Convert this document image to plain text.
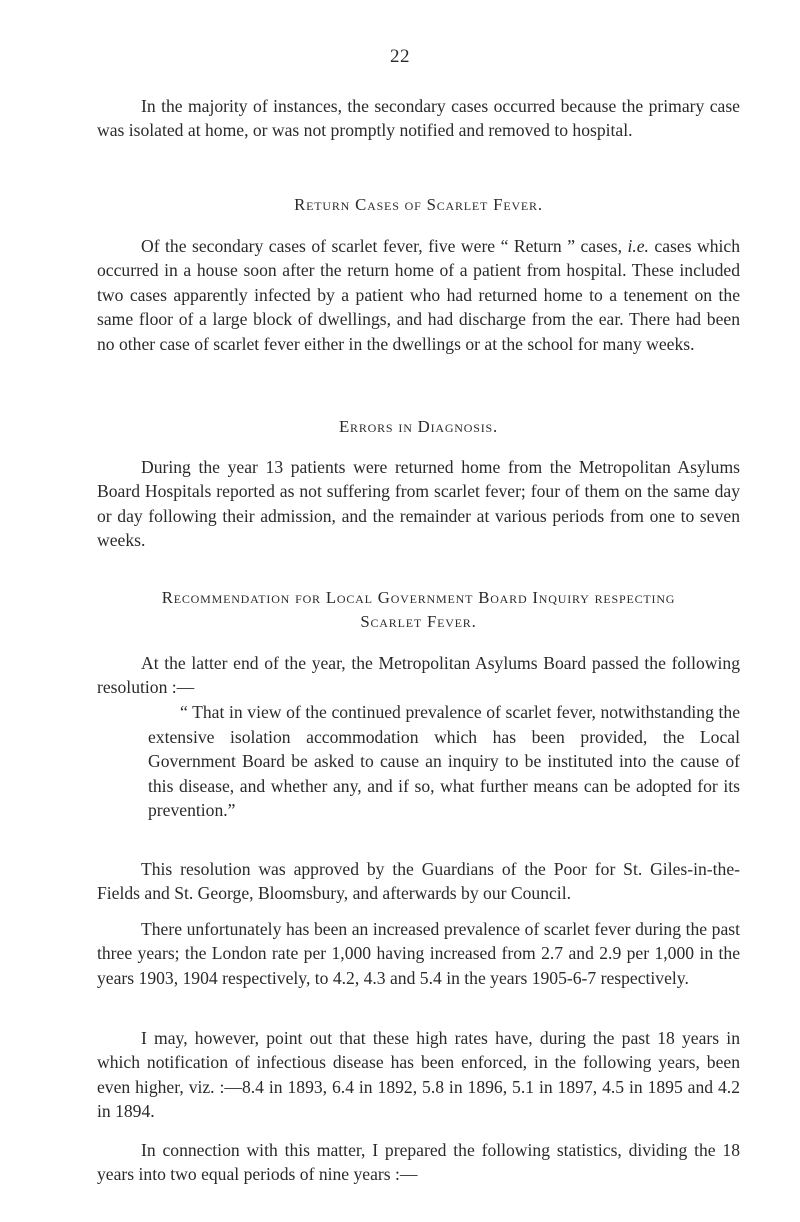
22

In the majority of instances, the secondary cases occurred because the primary case was isolated at home, or was not promptly notified and removed to hospital.

Return Cases of Scarlet Fever.

Of the secondary cases of scarlet fever, five were “ Return ” cases, i.e. cases which occurred in a house soon after the return home of a patient from hospital. These included two cases apparently infected by a patient who had returned home to a tenement on the same floor of a large block of dwellings, and had discharge from the ear. There had been no other case of scarlet fever either in the dwellings or at the school for many weeks.

Errors in Diagnosis.

During the year 13 patients were returned home from the Metropolitan Asylums Board Hospitals reported as not suffering from scarlet fever; four of them on the same day or day following their admission, and the remainder at various periods from one to seven weeks.

Recommendation for Local Government Board Inquiry respecting
Scarlet Fever.

At the latter end of the year, the Metropolitan Asylums Board passed the following resolution :—

“ That in view of the continued prevalence of scarlet fever, notwithstanding the extensive isolation accommodation which has been provided, the Local Government Board be asked to cause an inquiry to be instituted into the cause of this disease, and whether any, and if so, what further means can be adopted for its prevention.”

This resolution was approved by the Guardians of the Poor for St. Giles-in-the-Fields and St. George, Bloomsbury, and afterwards by our Council.

There unfortunately has been an increased prevalence of scarlet fever during the past three years; the London rate per 1,000 having increased from 2.7 and 2.9 per 1,000 in the years 1903, 1904 respectively, to 4.2, 4.3 and 5.4 in the years 1905-6-7 respectively.

I may, however, point out that these high rates have, during the past 18 years in which notification of infectious disease has been enforced, in the following years, been even higher, viz. :—8.4 in 1893, 6.4 in 1892, 5.8 in 1896, 5.1 in 1897, 4.5 in 1895 and 4.2 in 1894.

In connection with this matter, I prepared the following statistics, dividing the 18 years into two equal periods of nine years :—
